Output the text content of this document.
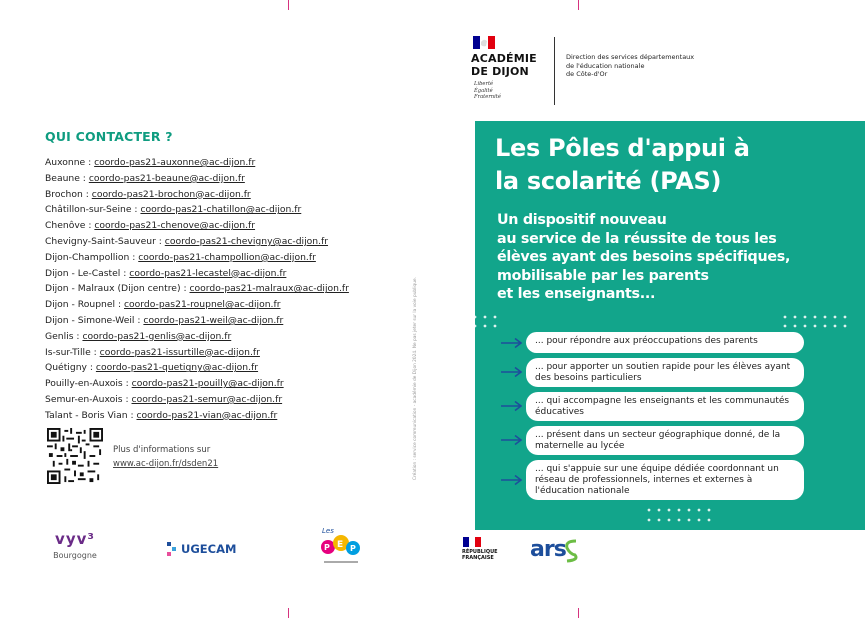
QUI CONTACTER ?
Auxonne : coordo-pas21-auxonne@ac-dijon.fr
Beaune : coordo-pas21-beaune@ac-dijon.fr
Brochon : coordo-pas21-brochon@ac-dijon.fr
Châtillon-sur-Seine : coordo-pas21-chatillon@ac-dijon.fr
Chenôve : coordo-pas21-chenove@ac-dijon.fr
Chevigny-Saint-Sauveur : coordo-pas21-chevigny@ac-dijon.fr
Dijon-Champollion : coordo-pas21-champollion@ac-dijon.fr
Dijon - Le-Castel : coordo-pas21-lecastel@ac-dijon.fr
Dijon - Malraux (Dijon centre) : coordo-pas21-malraux@ac-dijon.fr
Dijon - Roupnel : coordo-pas21-roupnel@ac-dijon.fr
Dijon - Simone-Weil : coordo-pas21-weil@ac-dijon.fr
Genlis : coordo-pas21-genlis@ac-dijon.fr
Is-sur-Tille : coordo-pas21-issurtille@ac-dijon.fr
Quétigny : coordo-pas21-quetigny@ac-dijon.fr
Pouilly-en-Auxois : coordo-pas21-pouilly@ac-dijon.fr
Semur-en-Auxois : coordo-pas21-semur@ac-dijon.fr
Talant - Boris Vian : coordo-pas21-vian@ac-dijon.fr
Plus d'informations sur
www.ac-dijon.fr/dsden21	Création : service communication - académie de Dijon 2024. Ne pas jeter sur la voie publique.
vyv³
Bourgogne	UGECAM
Les
P E P
ACADÉMIE
DE DIJON
Liberté
Égalité
Fraternité
Direction des services départementaux
de l'éducation nationale
de Côte-d'Or
Les Pôles d'appui à
la scolarité (PAS)
Un dispositif nouveau
au service de la réussite de tous les
élèves ayant des besoins spécifiques,
mobilisable par les parents
et les enseignants...
... pour répondre aux préoccupations des parents
... pour apporter un soutien rapide pour les élèves ayant des besoins particuliers
... qui accompagne les enseignants et les communautés éducatives
... présent dans un secteur géographique donné, de la maternelle au lycée
... qui s'appuie sur une équipe dédiée coordonnant un réseau de professionnels, internes et externes à l'éducation nationale
RÉPUBLIQUE
FRANÇAISE ars
